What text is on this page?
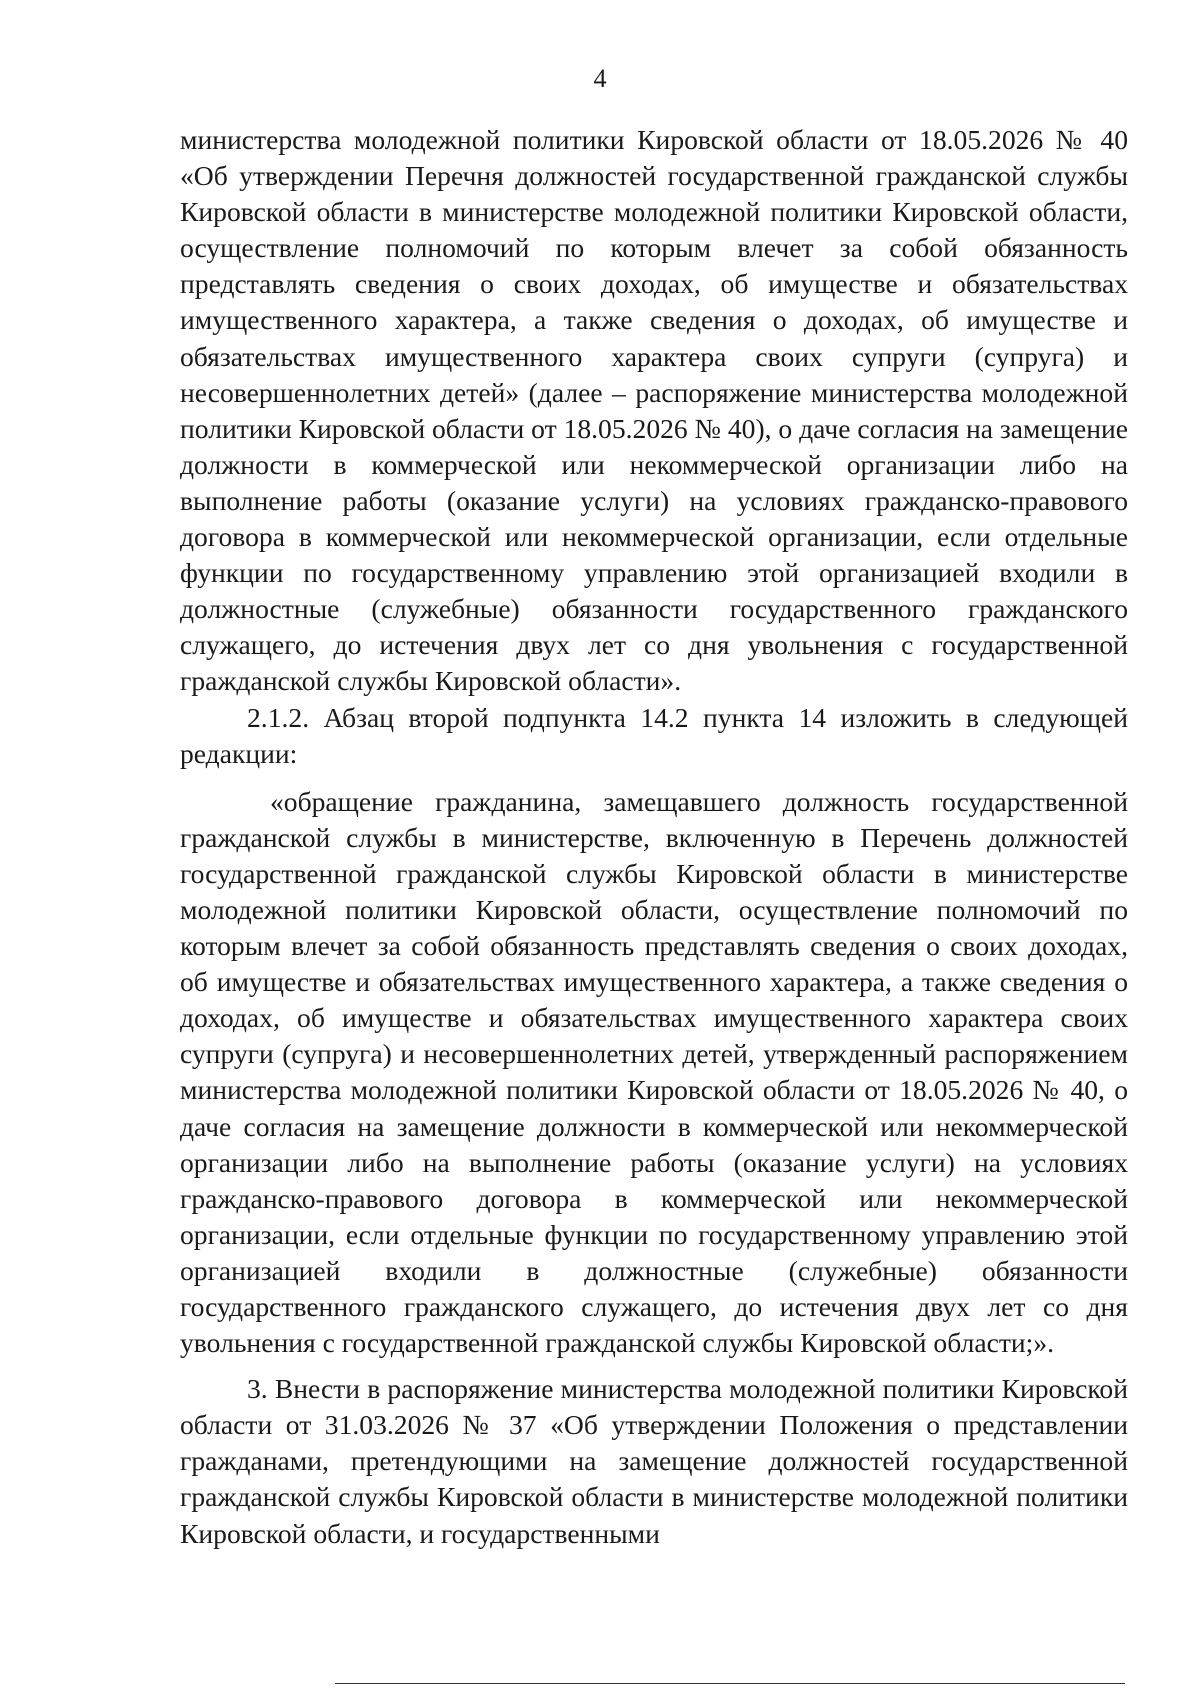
4

министерства молодежной политики Кировской области от 18.05.2026 № 40 «Об утверждении Перечня должностей государственной гражданской службы Кировской области в министерстве молодежной политики Кировской области, осуществление полномочий по которым влечет за собой обязанность представлять сведения о своих доходах, об имуществе и обязательствах имущественного характера, а также сведения о доходах, об имуществе и обязательствах имущественного характера своих супруги (супруга) и несовершеннолетних детей» (далее – распоряжение министерства молодежной политики Кировской области от 18.05.2026 № 40), о даче согласия на замещение должности в коммерческой или некоммерческой организации либо на выполнение работы (оказание услуги) на условиях гражданско-правового договора в коммерческой или некоммерческой организации, если отдельные функции по государственному управлению этой организацией входили в должностные (служебные) обязанности государственного гражданского служащего, до истечения двух лет со дня увольнения с государственной гражданской службы Кировской области».

2.1.2. Абзац второй подпункта 14.2 пункта 14 изложить в следующей редакции:

«обращение гражданина, замещавшего должность государственной гражданской службы в министерстве, включенную в Перечень должностей государственной гражданской службы Кировской области в министерстве молодежной политики Кировской области, осуществление полномочий по которым влечет за собой обязанность представлять сведения о своих доходах, об имуществе и обязательствах имущественного характера, а также сведения о доходах, об имуществе и обязательствах имущественного характера своих супруги (супруга) и несовершеннолетних детей, утвержденный распоряжением министерства молодежной политики Кировской области от 18.05.2026 № 40, о даче согласия на замещение должности в коммерческой или некоммерческой организации либо на выполнение работы (оказание услуги) на условиях гражданско-правового договора в коммерческой или некоммерческой организации, если отдельные функции по государственному управлению этой организацией входили в должностные (служебные) обязанности государственного гражданского служащего, до истечения двух лет со дня увольнения с государственной гражданской службы Кировской области;».

3. Внести в распоряжение министерства молодежной политики Кировской области от 31.03.2026 № 37 «Об утверждении Положения о представлении гражданами, претендующими на замещение должностей государственной гражданской службы Кировской области в министерстве молодежной политики Кировской области, и государственными
